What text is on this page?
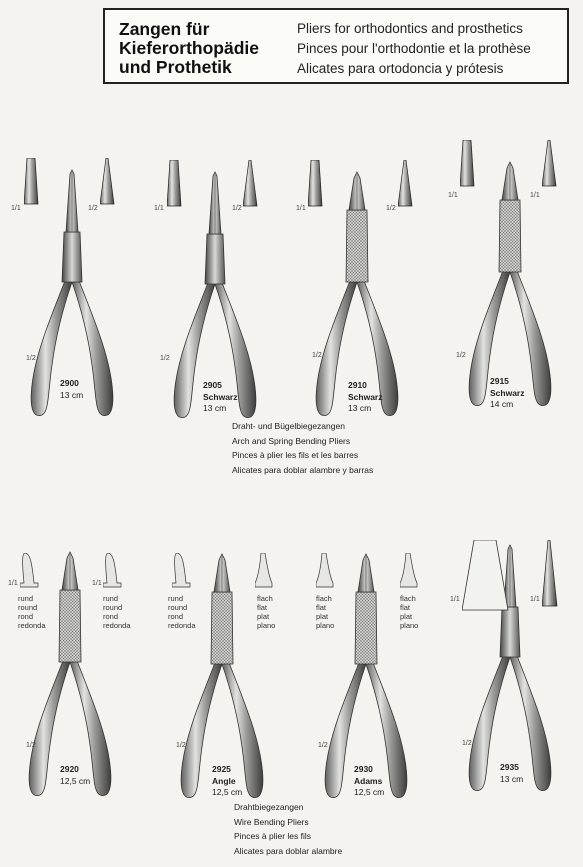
Zangen für
Kieferorthopädie
und Prothetik
Pliers for orthodontics and prosthetics
Pinces pour l'orthodontie et la prothèse
Alicates para ortodoncia y prótesis
1/1	1/2
1/2
2900
13 cm
1/1	1/2
1/2
2905
Schwarz
13 cm
1/1	1/2
1/2
2910
Schwarz
13 cm
1/1	1/1
1/2
2915
Schwarz
14 cm
Draht- und Bügelbiegezangen
Arch and Spring Bending Pliers
Pinces à plier les fils et les barres
Alicates para doblar alambre y barras
1/1	1/1
rund
round
rond
redonda
rund
round
rond
redonda
1/2
2920
12,5 cm
rund
round
rond
redonda
flach
flat
plat
plano
1/2
2925
Angle
12,5 cm
flach
flat
plat
plano
flach
flat
plat
plano
1/2
2930
Adams
12,5 cm
1/1	1/1
1/2
2935
13 cm
Drahtbiegezangen
Wire Bending Pliers
Pinces à plier les fils
Alicates para doblar alambre
